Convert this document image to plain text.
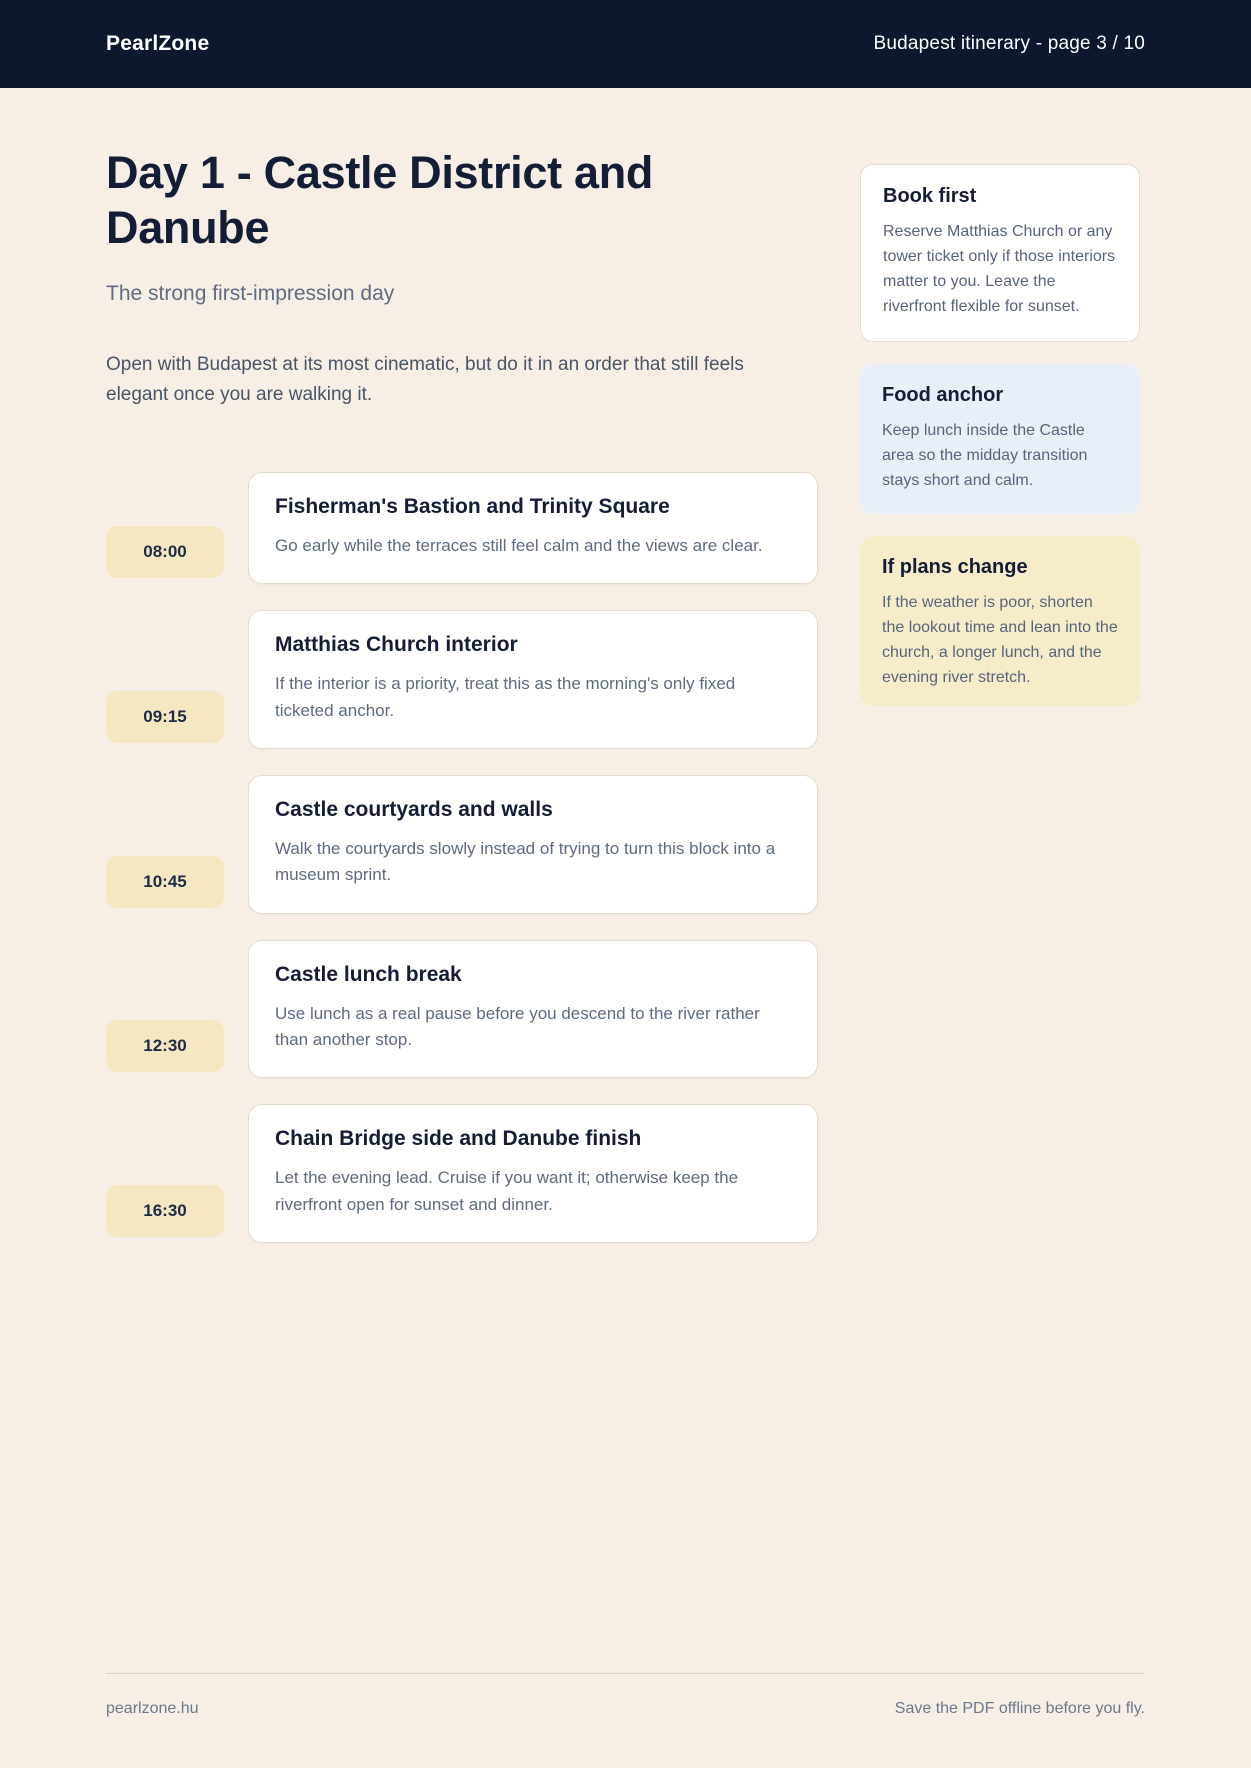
PearlZone	Budapest itinerary - page 3 / 10
Day 1 - Castle District and Danube
The strong first-impression day
Open with Budapest at its most cinematic, but do it in an order that still feels elegant once you are walking it.
08:00
Fisherman's Bastion and Trinity Square

Go early while the terraces still feel calm and the views are clear.

09:15
Matthias Church interior

If the interior is a priority, treat this as the morning's only fixed ticketed anchor.

10:45
Castle courtyards and walls

Walk the courtyards slowly instead of trying to turn this block into a museum sprint.

12:30
Castle lunch break

Use lunch as a real pause before you descend to the river rather than another stop.

16:30
Chain Bridge side and Danube finish

Let the evening lead. Cruise if you want it; otherwise keep the riverfront open for sunset and dinner.

Book first

Reserve Matthias Church or any tower ticket only if those interiors matter to you. Leave the riverfront flexible for sunset.

Food anchor

Keep lunch inside the Castle area so the midday transition stays short and calm.

If plans change

If the weather is poor, shorten the lookout time and lean into the church, a longer lunch, and the evening river stretch.

pearlzone.hu	Save the PDF offline before you fly.
